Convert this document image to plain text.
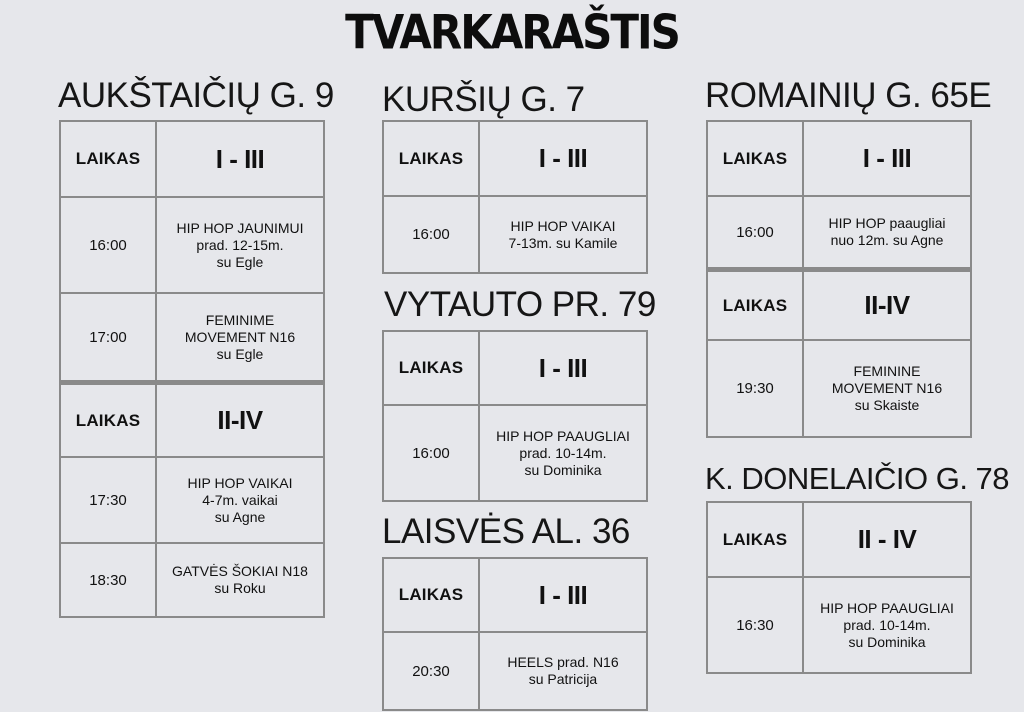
TVARKARAŠTIS
AUKŠTAIČIŲ G. 9
LAIKAS	I - III
16:00
HIP HOP JAUNIMUI
prad. 12-15m.
su Egle
17:00
FEMINIME
MOVEMENT N16
su Egle
LAIKAS	II-IV
17:30
HIP HOP VAIKAI
4-7m. vaikai
su Agne
18:30
GATVĖS ŠOKIAI N18
su Roku
KURŠIŲ G. 7
LAIKAS	I - III
16:00
HIP HOP VAIKAI
7-13m. su Kamile
VYTAUTO PR. 79
LAIKAS	I - III
16:00
HIP HOP PAAUGLIAI
prad. 10-14m.
su Dominika
LAISVĖS AL. 36
LAIKAS	I - III
20:30
HEELS prad. N16
su Patricija
ROMAINIŲ G. 65E
LAIKAS	I - III
16:00
HIP HOP paaugliai
nuo 12m. su Agne
LAIKAS	II-IV
19:30
FEMININE
MOVEMENT N16
su Skaiste
K. DONELAIČIO G. 78
LAIKAS	II - IV
16:30
HIP HOP PAAUGLIAI
prad. 10-14m.
su Dominika
